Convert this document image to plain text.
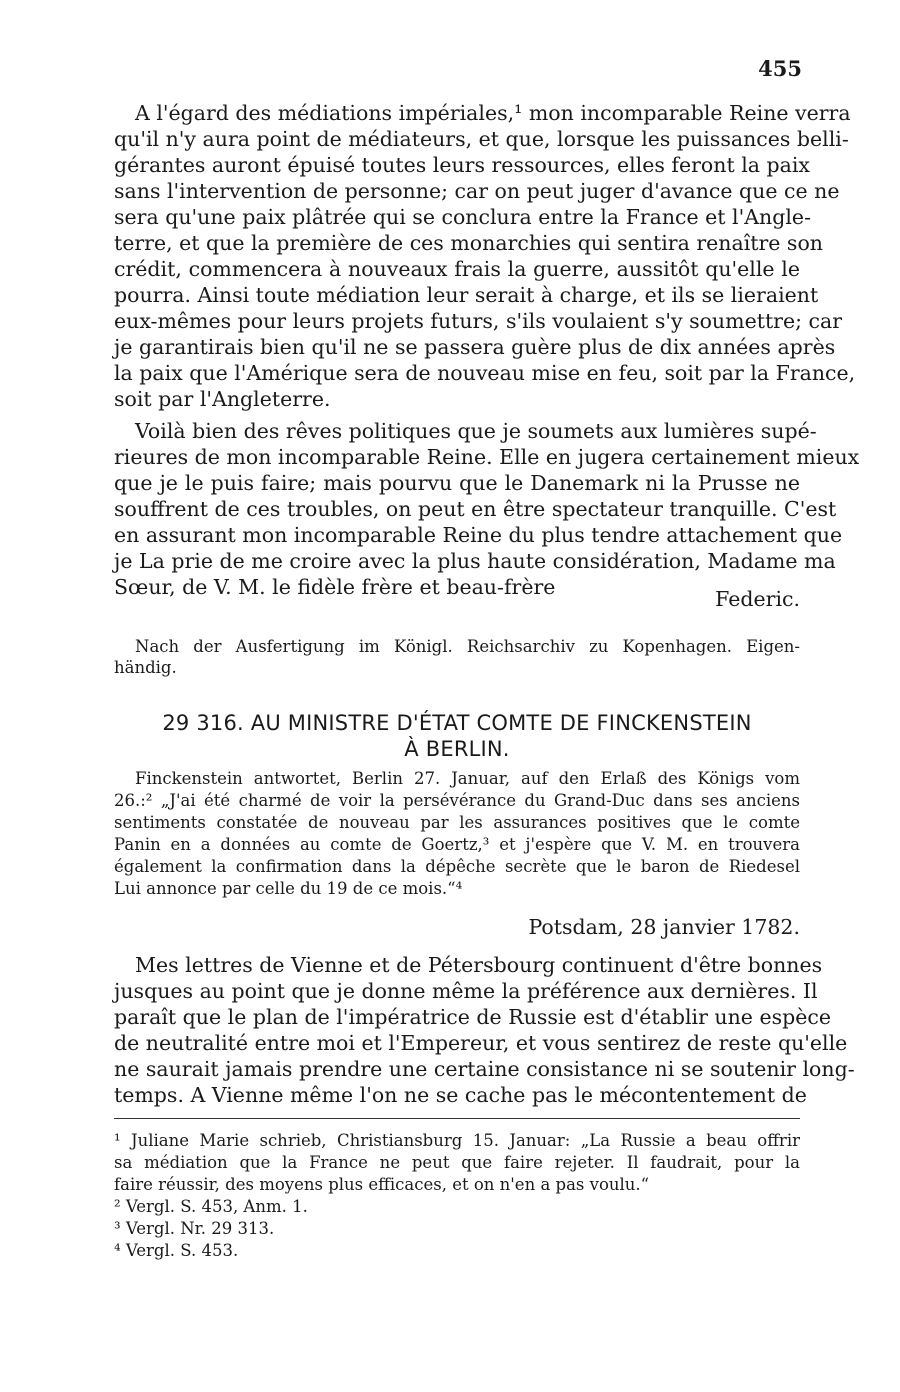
455
A l'égard des médiations impériales,¹ mon incomparable Reine verra
qu'il n'y aura point de médiateurs, et que, lorsque les puissances belli-
gérantes auront épuisé toutes leurs ressources, elles feront la paix
sans l'intervention de personne; car on peut juger d'avance que ce ne
sera qu'une paix plâtrée qui se conclura entre la France et l'Angle-
terre, et que la première de ces monarchies qui sentira renaître son
crédit, commencera à nouveaux frais la guerre, aussitôt qu'elle le
pourra. Ainsi toute médiation leur serait à charge, et ils se lieraient
eux-mêmes pour leurs projets futurs, s'ils voulaient s'y soumettre; car
je garantirais bien qu'il ne se passera guère plus de dix années après
la paix que l'Amérique sera de nouveau mise en feu, soit par la France,
soit par l'Angleterre.
Voilà bien des rêves politiques que je soumets aux lumières supé-
rieures de mon incomparable Reine. Elle en jugera certainement mieux
que je le puis faire; mais pourvu que le Danemark ni la Prusse ne
souffrent de ces troubles, on peut en être spectateur tranquille. C'est
en assurant mon incomparable Reine du plus tendre attachement que
je La prie de me croire avec la plus haute considération, Madame ma
Sœur, de V. M. le fidèle frère et beau-frère	Federic.
Nach der Ausfertigung im Königl. Reichsarchiv zu Kopenhagen. Eigen-
händig.
29 316. AU MINISTRE D'ÉTAT COMTE DE FINCKENSTEIN
À BERLIN.
Finckenstein antwortet, Berlin 27. Januar, auf den Erlaß des Königs vom
26.:² „J'ai été charmé de voir la persévérance du Grand-Duc dans ses anciens
sentiments constatée de nouveau par les assurances positives que le comte
Panin en a données au comte de Goertz,³ et j'espère que V. M. en trouvera
également la confirmation dans la dépêche secrète que le baron de Riedesel
Lui annonce par celle du 19 de ce mois.“⁴
Potsdam, 28 janvier 1782.
Mes lettres de Vienne et de Pétersbourg continuent d'être bonnes
jusques au point que je donne même la préférence aux dernières. Il
paraît que le plan de l'impératrice de Russie est d'établir une espèce
de neutralité entre moi et l'Empereur, et vous sentirez de reste qu'elle
ne saurait jamais prendre une certaine consistance ni se soutenir long-
temps. A Vienne même l'on ne se cache pas le mécontentement de
¹ Juliane Marie schrieb, Christiansburg 15. Januar: „La Russie a beau offrir
sa médiation que la France ne peut que faire rejeter. Il faudrait, pour la
faire réussir, des moyens plus efficaces, et on n'en a pas voulu.“
² Vergl. S. 453, Anm. 1.
³ Vergl. Nr. 29 313.
⁴ Vergl. S. 453.
